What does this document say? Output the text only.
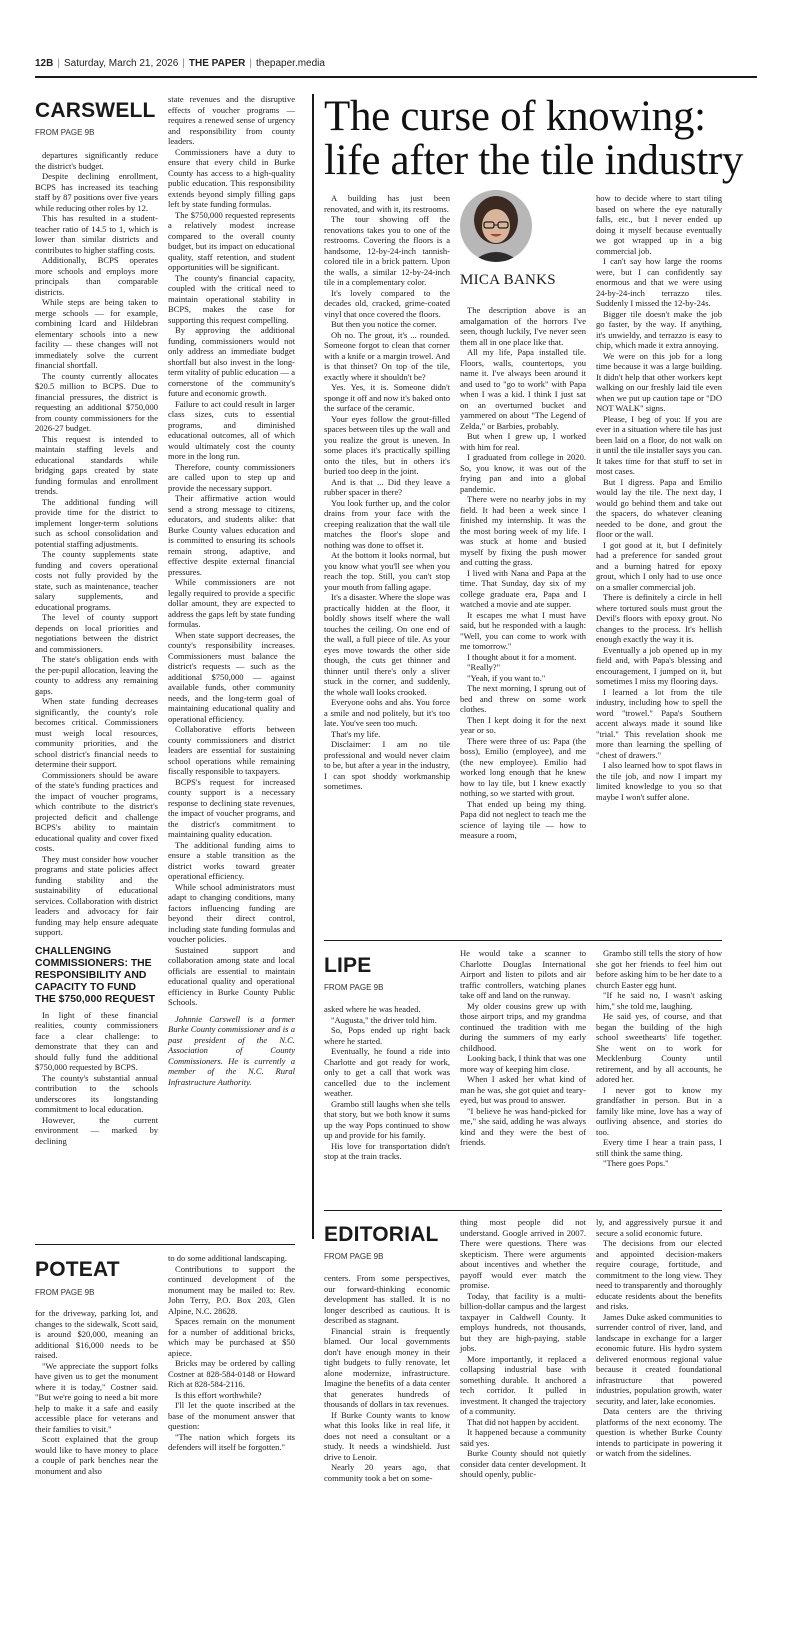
12B | Saturday, March 21, 2026 | THE PAPER | thepaper.media
CARSWELL
FROM PAGE 9B

departures significantly reduce the district's budget.

Despite declining enrollment, BCPS has increased its teaching staff by 87 positions over five years while reducing other roles by 12.

This has resulted in a student-teacher ratio of 14.5 to 1, which is lower than similar districts and contributes to higher staffing costs.

Additionally, BCPS operates more schools and employs more principals than comparable districts.

While steps are being taken to merge schools — for example, combining Icard and Hildebran elementary schools into a new facility — these changes will not immediately solve the current financial shortfall.

The county currently allocates $20.5 million to BCPS. Due to financial pressures, the district is requesting an additional $750,000 from county commissioners for the 2026-27 budget.

This request is intended to maintain staffing levels and educational standards while bridging gaps created by state funding formulas and enrollment trends.

The additional funding will provide time for the district to implement longer-term solutions such as school consolidation and potential staffing adjustments.

The county supplements state funding and covers operational costs not fully provided by the state, such as maintenance, teacher salary supplements, and educational programs.

The level of county support depends on local priorities and negotiations between the district and commissioners.

The state's obligation ends with the per-pupil allocation, leaving the county to address any remaining gaps.

When state funding decreases significantly, the county's role becomes critical. Commissioners must weigh local resources, community priorities, and the school district's financial needs to determine their support.

Commissioners should be aware of the state's funding practices and the impact of voucher programs, which contribute to the district's projected deficit and challenge BCPS's ability to maintain educational quality and cover fixed costs.

They must consider how voucher programs and state policies affect funding stability and the sustainability of educational services. Collaboration with district leaders and advocacy for fair funding may help ensure adequate support.

CHALLENGING COMMISSIONERS: THE RESPONSIBILITY AND CAPACITY TO FUND THE $750,000 REQUEST

In light of these financial realities, county commissioners face a clear challenge: to demonstrate that they can and should fully fund the additional $750,000 requested by BCPS.

The county's substantial annual contribution to the schools underscores its longstanding commitment to local education.

However, the current environment — marked by declining

state revenues and the disruptive effects of voucher programs — requires a renewed sense of urgency and responsibility from county leaders.

Commissioners have a duty to ensure that every child in Burke County has access to a high-quality public education. This responsibility extends beyond simply filling gaps left by state funding formulas.

The $750,000 requested represents a relatively modest increase compared to the overall county budget, but its impact on educational quality, staff retention, and student opportunities will be significant.

The county's financial capacity, coupled with the critical need to maintain operational stability in BCPS, makes the case for supporting this request compelling.

By approving the additional funding, commissioners would not only address an immediate budget shortfall but also invest in the long-term vitality of public education — a cornerstone of the community's future and economic growth.

Failure to act could result in larger class sizes, cuts to essential programs, and diminished educational outcomes, all of which would ultimately cost the county more in the long run.

Therefore, county commissioners are called upon to step up and provide the necessary support.

Their affirmative action would send a strong message to citizens, educators, and students alike: that Burke County values education and is committed to ensuring its schools remain strong, adaptive, and effective despite external financial pressures.

While commissioners are not legally required to provide a specific dollar amount, they are expected to address the gaps left by state funding formulas.

When state support decreases, the county's responsibility increases. Commissioners must balance the district's requests — such as the additional $750,000 — against available funds, other community needs, and the long-term goal of maintaining educational quality and operational efficiency.

Collaborative efforts between county commissioners and district leaders are essential for sustaining school operations while remaining fiscally responsible to taxpayers.

BCPS's request for increased county support is a necessary response to declining state revenues, the impact of voucher programs, and the district's commitment to maintaining quality education.

The additional funding aims to ensure a stable transition as the district works toward greater operational efficiency.

While school administrators must adapt to changing conditions, many factors influencing funding are beyond their direct control, including state funding formulas and voucher policies.

Sustained support and collaboration among state and local officials are essential to maintain educational quality and operational efficiency in Burke County Public Schools.

Johnnie Carswell is a former Burke County commissioner and is a past president of the N.C. Association of County Commissioners. He is currently a member of the N.C. Rural Infrastructure Authority.

The curse of knowing: life after the tile industry
MICA BANKS

A building has just been renovated, and with it, its restrooms.

The tour showing off the renovations takes you to one of the restrooms. Covering the floors is a handsome, 12-by-24-inch tannish-colored tile in a brick pattern. Upon the walls, a similar 12-by-24-inch tile in a complementary color.

It's lovely compared to the decades old, cracked, grime-coated vinyl that once covered the floors.

But then you notice the corner.

Oh no. The grout, it's ... rounded. Someone forgot to clean that corner with a knife or a margin trowel. And is that thinset? On top of the tile, exactly where it shouldn't be?

Yes. Yes, it is. Someone didn't sponge it off and now it's baked onto the surface of the ceramic.

Your eyes follow the grout-filled spaces between tiles up the wall and you realize the grout is uneven. In some places it's practically spilling onto the tiles, but in others it's buried too deep in the joint.

And is that ... Did they leave a rubber spacer in there?

You look further up, and the color drains from your face with the creeping realization that the wall tile matches the floor's slope and nothing was done to offset it.

At the bottom it looks normal, but you know what you'll see when you reach the top. Still, you can't stop your mouth from falling agape.

It's a disaster. Where the slope was practically hidden at the floor, it boldly shows itself where the wall touches the ceiling. On one end of the wall, a full piece of tile. As your eyes move towards the other side though, the cuts get thinner and thinner until there's only a sliver stuck in the corner, and suddenly, the whole wall looks crooked.

Everyone oohs and ahs. You force a smile and nod politely, but it's too late. You've seen too much.

That's my life.

Disclaimer: I am no tile professional and would never claim to be, but after a year in the industry, I can spot shoddy workmanship sometimes.

The description above is an amalgamation of the horrors I've seen, though luckily, I've never seen them all in one place like that.

All my life, Papa installed tile. Floors, walls, countertops, you name it. I've always been around it and used to "go to work" with Papa when I was a kid. I think I just sat on an overturned bucket and yammered on about "The Legend of Zelda," or Barbies, probably.

But when I grew up, I worked with him for real.

I graduated from college in 2020. So, you know, it was out of the frying pan and into a global pandemic.

There were no nearby jobs in my field. It had been a week since I finished my internship. It was the the most boring week of my life. I was stuck at home and busied myself by fixing the push mower and cutting the grass.

I lived with Nana and Papa at the time. That Sunday, day six of my college graduate era, Papa and I watched a movie and ate supper.

It escapes me what I must have said, but he responded with a laugh: "Well, you can come to work with me tomorrow."

I thought about it for a moment.

"Really?"

"Yeah, if you want to."

The next morning, I sprung out of bed and threw on some work clothes.

Then I kept doing it for the next year or so.

There were three of us: Papa (the boss), Emilio (employee), and me (the new employee). Emilio had worked long enough that he knew how to lay tile, but I knew exactly nothing, so we started with grout.

That ended up being my thing. Papa did not neglect to teach me the science of laying tile — how to measure a room,

how to decide where to start tiling based on where the eye naturally falls, etc., but I never ended up doing it myself because eventually we got wrapped up in a big commercial job.

I can't say how large the rooms were, but I can confidently say enormous and that we were using 24-by-24-inch terrazzo tiles. Suddenly I missed the 12-by-24s.

Bigger tile doesn't make the job go faster, by the way. If anything, it's unwieldy, and terrazzo is easy to chip, which made it extra annoying.

We were on this job for a long time because it was a large building. It didn't help that other workers kept walking on our freshly laid tile even when we put up caution tape or "DO NOT WALK" signs.

Please, I beg of you: If you are ever in a situation where tile has just been laid on a floor, do not walk on it until the tile installer says you can. It takes time for that stuff to set in most cases.

But I digress. Papa and Emilio would lay the tile. The next day, I would go behind them and take out the spacers, do whatever cleaning needed to be done, and grout the floor or the wall.

I got good at it, but I definitely had a preference for sanded grout and a burning hatred for epoxy grout, which I only had to use once on a smaller commercial job.

There is definitely a circle in hell where tortured souls must grout the Devil's floors with epoxy grout. No changes to the process. It's hellish enough exactly the way it is.

Eventually a job opened up in my field and, with Papa's blessing and encouragement, I jumped on it, but sometimes I miss my flooring days.

I learned a lot from the tile industry, including how to spell the word "trowel." Papa's Southern accent always made it sound like "trial." This revelation shook me more than learning the spelling of "chest of drawers."

I also learned how to spot flaws in the tile job, and now I impart my limited knowledge to you so that maybe I won't suffer alone.

LIPE
FROM PAGE 9B

asked where he was headed.

"Augusta," the driver told him.

So, Pops ended up right back where he started.

Eventually, he found a ride into Charlotte and got ready for work, only to get a call that work was cancelled due to the inclement weather.

Grambo still laughs when she tells that story, but we both know it sums up the way Pops continued to show up and provide for his family.

His love for transportation didn't stop at the train tracks.

He would take a scanner to Charlotte Douglas International Airport and listen to pilots and air traffic controllers, watching planes take off and land on the runway.

My older cousins grew up with those airport trips, and my grandma continued the tradition with me during the summers of my early childhood.

Looking back, I think that was one more way of keeping him close.

When I asked her what kind of man he was, she got quiet and teary-eyed, but was proud to answer.

"I believe he was hand-picked for me," she said, adding he was always kind and they were the best of friends.

Grambo still tells the story of how she got her friends to feel him out before asking him to be her date to a church Easter egg hunt.

"If he said no, I wasn't asking him," she told me, laughing.

He said yes, of course, and that began the building of the high school sweethearts' life together. She went on to work for Mecklenburg County until retirement, and by all accounts, he adored her.

I never got to know my grandfather in person. But in a family like mine, love has a way of outliving absence, and stories do too.

Every time I hear a train pass, I still think the same thing.

"There goes Pops."

POTEAT
FROM PAGE 9B

for the driveway, parking lot, and changes to the sidewalk, Scott said, is around $20,000, meaning an additional $16,000 needs to be raised.

"We appreciate the support folks have given us to get the monument where it is today," Costner said. "But we're going to need a bit more help to make it a safe and easily accessible place for veterans and their families to visit."

Scott explained that the group would like to have money to place a couple of park benches near the monument and also

to do some additional landscaping.

Contributions to support the continued development of the monument may be mailed to: Rev. John Terry, P.O. Box 203, Glen Alpine, N.C. 28628.

Spaces remain on the monument for a number of additional bricks, which may be purchased at $50 apiece.

Bricks may be ordered by calling Costner at 828-584-0148 or Howard Rich at 828-584-2116.

Is this effort worthwhile?

I'll let the quote inscribed at the base of the monument answer that question:

"The nation which forgets its defenders will itself be forgotten."

EDITORIAL
FROM PAGE 9B

centers. From some perspectives, our forward-thinking economic development has stalled. It is no longer described as cautious. It is described as stagnant.

Financial strain is frequently blamed. Our local governments don't have enough money in their tight budgets to fully renovate, let alone modernize, infrastructure. Imagine the benefits of a data center that generates hundreds of thousands of dollars in tax revenues.

If Burke County wants to know what this looks like in real life, it does not need a consultant or a study. It needs a windshield. Just drive to Lenoir.

Nearly 20 years ago, that community took a bet on some-

thing most people did not understand. Google arrived in 2007. There were questions. There was skepticism. There were arguments about incentives and whether the payoff would ever match the promise.

Today, that facility is a multi-billion-dollar campus and the largest taxpayer in Caldwell County. It employs hundreds, not thousands, but they are high-paying, stable jobs.

More importantly, it replaced a collapsing industrial base with something durable. It anchored a tech corridor. It pulled in investment. It changed the trajectory of a community.

That did not happen by accident.

It happened because a community said yes.

Burke County should not quietly consider data center development. It should openly, public-

ly, and aggressively pursue it and secure a solid economic future.

The decisions from our elected and appointed decision-makers require courage, fortitude, and commitment to the long view. They need to transparently and thoroughly educate residents about the benefits and risks.

James Duke asked communities to surrender control of river, land, and landscape in exchange for a larger economic future. His hydro system delivered enormous regional value because it created foundational infrastructure that powered industries, population growth, water security, and later, lake economies.

Data centers are the thriving platforms of the next economy. The question is whether Burke County intends to participate in powering it or watch from the sidelines.
